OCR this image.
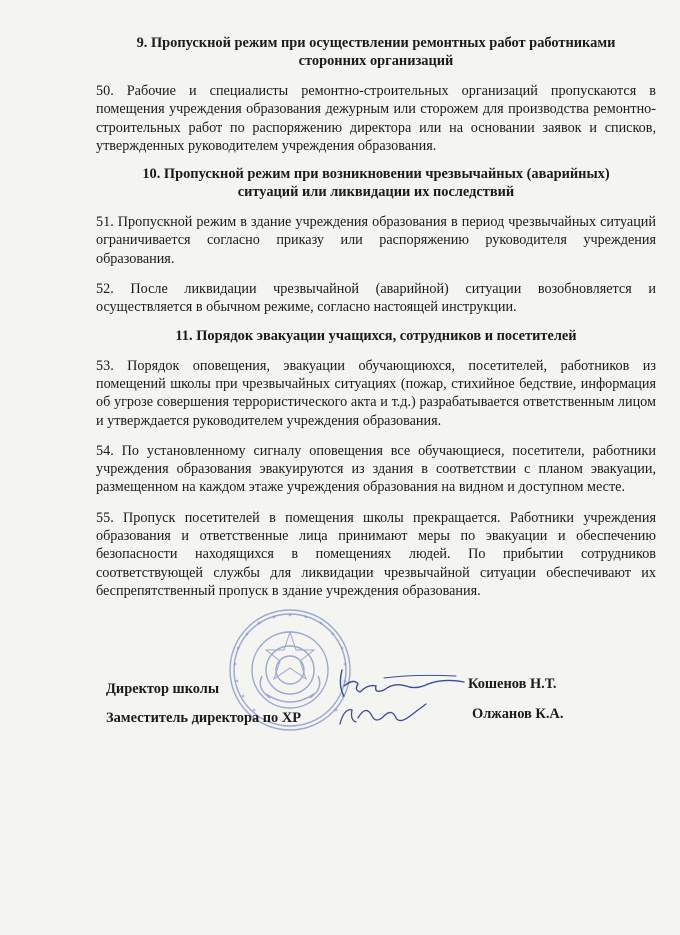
9. Пропускной режим при осуществлении ремонтных работ работниками
сторонних организаций

50. Рабочие и специалисты ремонтно-строительных организаций пропускаются в помещения учреждения образования дежурным или сторожем для производства ремонтно-строительных работ по распоряжению директора или на основании заявок и списков, утвержденных руководителем учреждения образования.

10. Пропускной режим при возникновении чрезвычайных (аварийных)
ситуаций или ликвидации их последствий

51. Пропускной режим в здание учреждения образования в период чрезвычайных ситуаций ограничивается согласно приказу или распоряжению руководителя учреждения образования.

52. После ликвидации чрезвычайной (аварийной) ситуации возобновляется и осуществляется в обычном режиме, согласно настоящей инструкции.

11. Порядок эвакуации учащихся, сотрудников и посетителей

53. Порядок оповещения, эвакуации обучающиюхся, посетителей, работников из помещений школы при чрезвычайных ситуациях (пожар, стихийное бедствие, информация об угрозе совершения террористического акта и т.д.) разрабатывается ответственным лицом и утверждается руководителем учреждения образования.

54. По установленному сигналу оповещения все обучающиеся, посетители, работники учреждения образования эвакуируются из здания в соответствии с планом эвакуации, размещенном на каждом этаже учреждения образования на видном и доступном месте.

55. Пропуск посетителей в помещения школы прекращается. Работники учреждения образования и ответственные лица принимают меры по эвакуации и обеспечению безопасности находящихся в помещениях людей. По прибытии сотрудников соответствующей службы для ликвидации чрезвычайной ситуации обеспечивают их беспрепятственный пропуск в здание учреждения образования.

Директор школы	Кошенов Н.Т.
Заместитель директора по ХР	Олжанов К.А.
